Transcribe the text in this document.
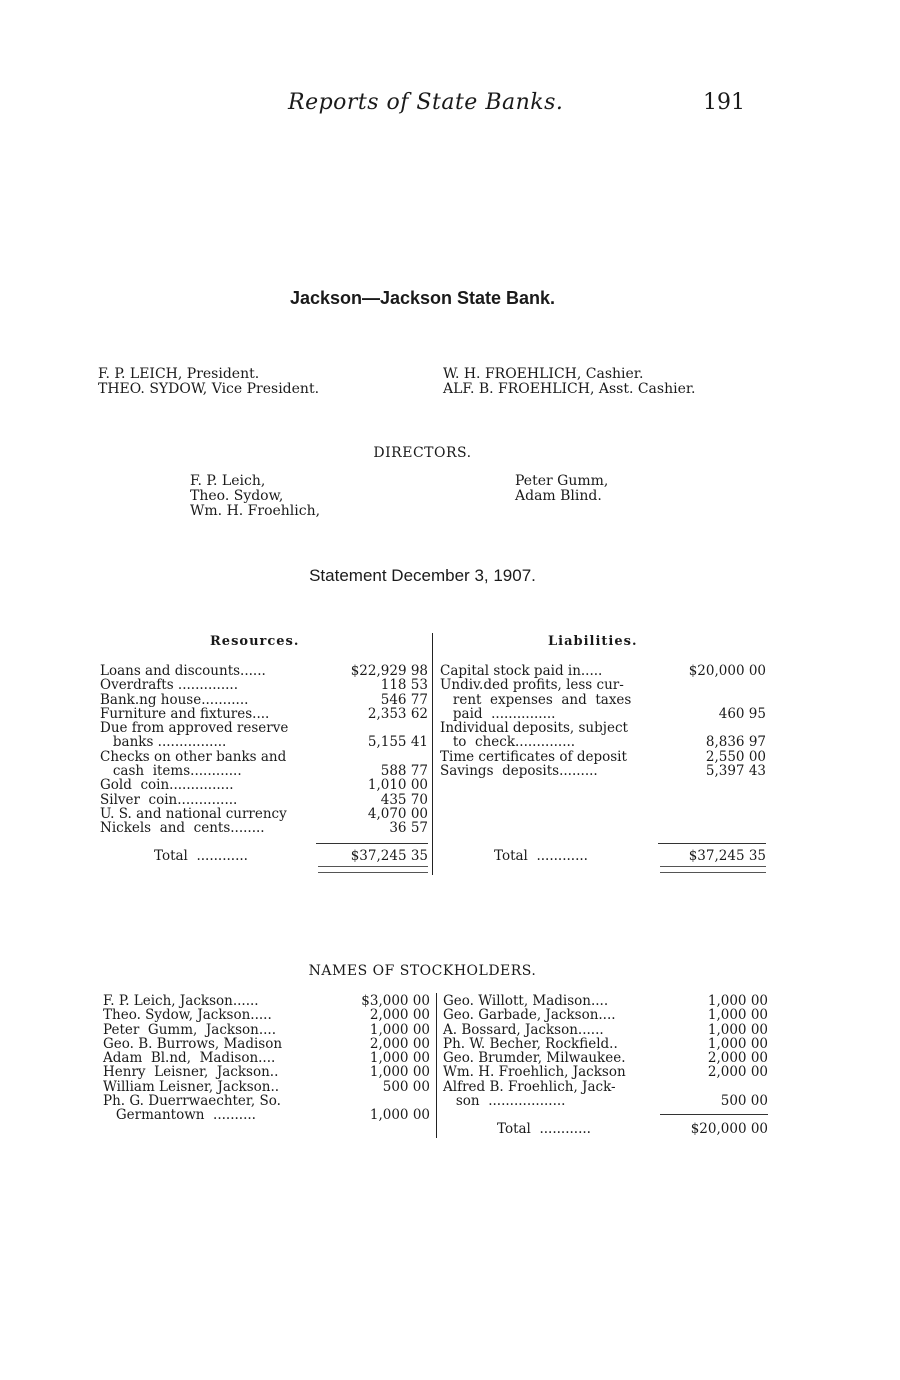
Reports of State Banks.	191
Jackson—Jackson State Bank.
F. P. LEICH, President.
THEO. SYDOW, Vice President.
W. H. FROEHLICH, Cashier.
ALF. B. FROEHLICH, Asst. Cashier.
DIRECTORS.
F. P. Leich,
Theo. Sydow,
Wm. H. Froehlich,
Peter Gumm,
Adam Blind.
Statement December 3, 1907.
Resources.	Liabilities.
Loans and discounts......	$22,929 98
Overdrafts ..............	118 53
Bank.ng house...........	546 77
Furniture and fixtures....	2,353 62
Due from approved reserve
banks ................	5,155 41
Checks on other banks and
cash  items............	588 77
Gold  coin...............	1,010 00
Silver  coin..............	435 70
U. S. and national currency	4,070 00
Nickels  and  cents........	36 57
Total  ............	$37,245 35
Capital stock paid in.....	$20,000 00
Undiv.ded profits, less cur-
rent  expenses  and  taxes
paid  ...............	460 95
Individual deposits, subject
to  check..............	8,836 97
Time certificates of deposit	2,550 00
Savings  deposits.........	5,397 43
Total  ............	$37,245 35
NAMES OF STOCKHOLDERS.
F. P. Leich, Jackson......	$3,000 00
Theo. Sydow, Jackson.....	2,000 00
Peter  Gumm,  Jackson....	1,000 00
Geo. B. Burrows, Madison	2,000 00
Adam  Bl.nd,  Madison....	1,000 00
Henry  Leisner,  Jackson..	1,000 00
William Leisner, Jackson..	500 00
Ph. G. Duerrwaechter, So.
Germantown  ..........	1,000 00
Geo. Willott, Madison....	1,000 00
Geo. Garbade, Jackson....	1,000 00
A. Bossard, Jackson......	1,000 00
Ph. W. Becher, Rockfield..	1,000 00
Geo. Brumder, Milwaukee.	2,000 00
Wm. H. Froehlich, Jackson	2,000 00
Alfred B. Froehlich, Jack-
son  ..................	500 00
Total  ............	$20,000 00
